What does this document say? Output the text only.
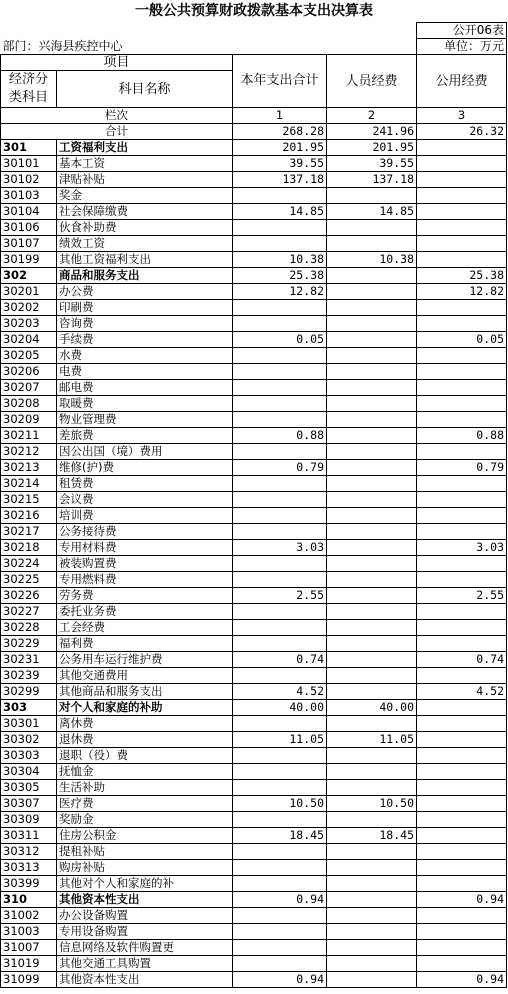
一般公共预算财政拨款基本支出决算表
				公开06表
部门：兴海县疾控中心				单位：万元
项目		本年支出合计	人员经费	公用经费
经济分类科目	科目名称			

栏次		1	2	3
合计		268.28	241.96	26.32
301	工资福利支出	201.95	201.95	
30101	基本工资	39.55	39.55	
30102	津贴补贴	137.18	137.18	
30103	奖金			
30104	社会保障缴费	14.85	14.85	
30106	伙食补助费			
30107	绩效工资			
30199	其他工资福利支出	10.38	10.38	
302	商品和服务支出	25.38		25.38
30201	办公费	12.82		12.82
30202	印刷费			
30203	咨询费			
30204	手续费	0.05		0.05
30205	水费			
30206	电费			
30207	邮电费			
30208	取暖费			
30209	物业管理费			
30211	差旅费	0.88		0.88
30212	因公出国（境）费用			
30213	维修(护)费	0.79		0.79
30214	租赁费			
30215	会议费			
30216	培训费			
30217	公务接待费			
30218	专用材料费	3.03		3.03
30224	被装购置费			
30225	专用燃料费			
30226	劳务费	2.55		2.55
30227	委托业务费			
30228	工会经费			
30229	福利费			
30231	公务用车运行维护费	0.74		0.74
30239	其他交通费用			
30299	其他商品和服务支出	4.52		4.52
303	对个人和家庭的补助	40.00	40.00	
30301	离休费			
30302	退休费	11.05	11.05	
30303	退职（役）费			
30304	抚恤金			
30305	生活补助			
30307	医疗费	10.50	10.50	
30309	奖励金			
30311	住房公积金	18.45	18.45	
30312	提租补贴			
30313	购房补贴			
30399	其他对个人和家庭的补			
310	其他资本性支出	0.94		0.94
31002	办公设备购置			
31003	专用设备购置			
31007	信息网络及软件购置更			
31019	其他交通工具购置			
31099	其他资本性支出	0.94		0.94
